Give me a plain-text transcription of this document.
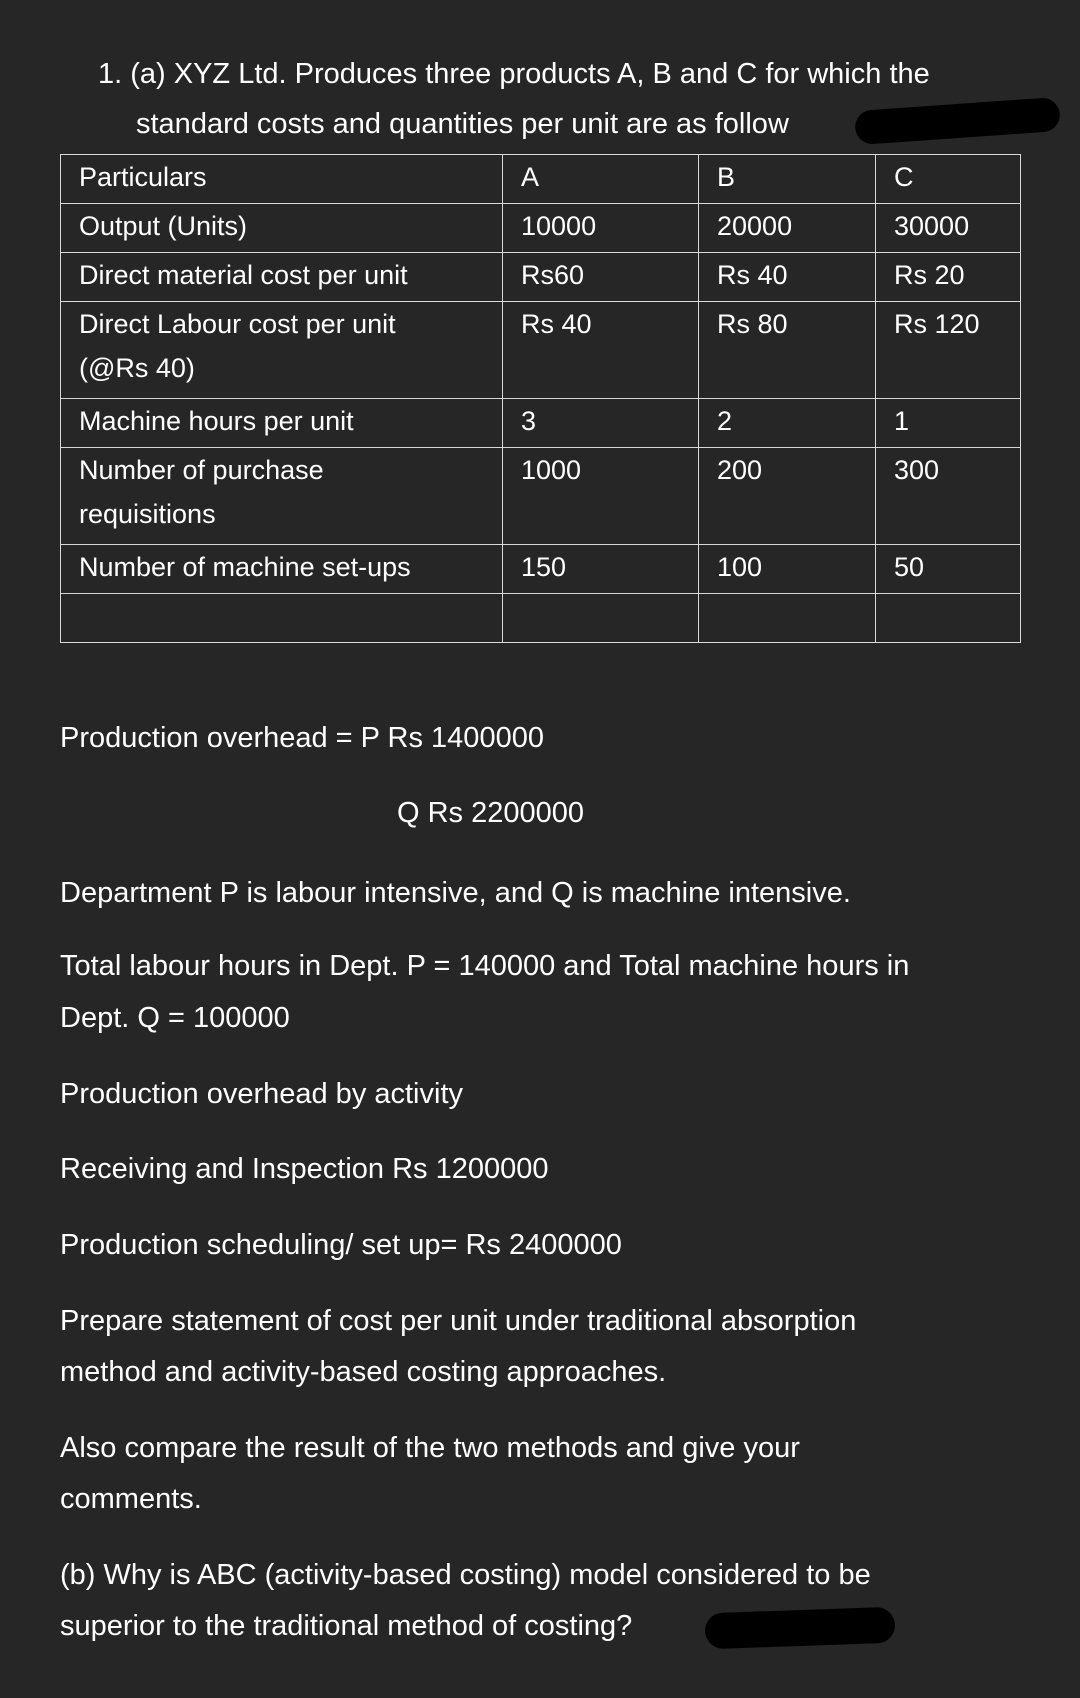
1. (a) XYZ Ltd. Produces three products A, B and C for which the
standard costs and quantities per unit are as follow
Particulars	A	B	C
Output (Units)	10000	20000	30000
Direct material cost per unit	Rs60	Rs 40	Rs 20

Direct Labour cost per unit
(@Rs 40)	Rs 40	Rs 80	Rs 120
Machine hours per unit	3	2	1

Number of purchase
requisitions	1000	200	300
Number of machine set-ups	150	100	50

Production overhead = P Rs 1400000
Q Rs 2200000
Department P is labour intensive, and Q is machine intensive.
Total labour hours in Dept. P = 140000 and Total machine hours in
Dept. Q = 100000
Production overhead by activity
Receiving and Inspection Rs 1200000
Production scheduling/ set up= Rs 2400000
Prepare statement of cost per unit under traditional absorption
method and activity-based costing approaches.
Also compare the result of the two methods and give your
comments.
(b) Why is ABC (activity-based costing) model considered to be
superior to the traditional method of costing?
